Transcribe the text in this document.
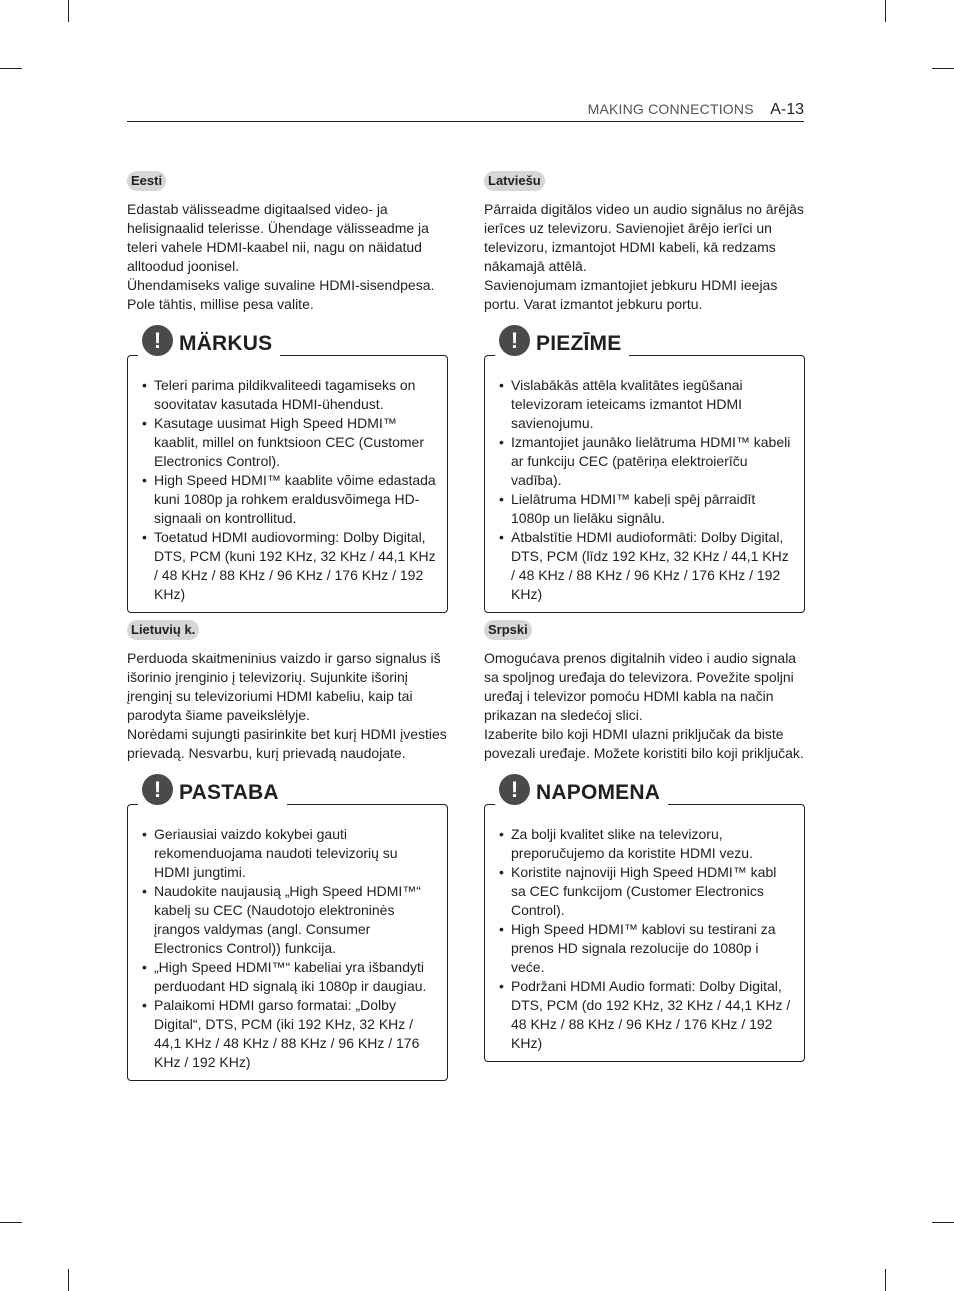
MAKING CONNECTIONS A-13
Eesti

Edastab välisseadme digitaalsed video- ja helisignaalid telerisse. Ühendage välisseadme ja teleri vahele HDMI-kaabel nii, nagu on näidatud alltoodud joonisel.

Ühendamiseks valige suvaline HDMI-sisendpesa. Pole tähtis, millise pesa valite.

! MÄRKUS
• Teleri parima pildikvaliteedi tagamiseks on soovitatav kasutada HDMI-ühendust.
• Kasutage uusimat High Speed HDMI™ kaablit, millel on funktsioon CEC (Customer Electronics Control).
• High Speed HDMI™ kaablite võime edastada kuni 1080p ja rohkem eraldusvõimega HD-signaali on kontrollitud.
• Toetatud HDMI audiovorming: Dolby Digital, DTS, PCM (kuni 192 KHz, 32 KHz / 44,1 KHz / 48 KHz / 88 KHz / 96 KHz / 176 KHz / 192 KHz)
Latviešu

Pārraida digitālos video un audio signālus no ārējās ierīces uz televizoru. Savienojiet ārējo ierīci un televizoru, izmantojot HDMI kabeli, kā redzams nākamajā attēlā.

Savienojumam izmantojiet jebkuru HDMI ieejas portu. Varat izmantot jebkuru portu.

! PIEZĪME
• Vislabākās attēla kvalitātes iegūšanai televizoram ieteicams izmantot HDMI savienojumu.
• Izmantojiet jaunāko lielātruma HDMI™ kabeli ar funkciju CEC (patēriņa elektroierīču vadība).
• Lielātruma HDMI™ kabeļi spēj pārraidīt 1080p un lielāku signālu.
• Atbalstītie HDMI audioformāti: Dolby Digital, DTS, PCM (līdz 192 KHz, 32 KHz / 44,1 KHz / 48 KHz / 88 KHz / 96 KHz / 176 KHz / 192 KHz)
Lietuvių k.

Perduoda skaitmeninius vaizdo ir garso signalus iš išorinio įrenginio į televizorių. Sujunkite išorinį įrenginį su televizoriumi HDMI kabeliu, kaip tai parodyta šiame paveikslėlyje.

Norėdami sujungti pasirinkite bet kurį HDMI įvesties prievadą. Nesvarbu, kurį prievadą naudojate.

! PASTABA
• Geriausiai vaizdo kokybei gauti rekomenduojama naudoti televizorių su HDMI jungtimi.
• Naudokite naujausią „High Speed HDMI™“ kabelį su CEC (Naudotojo elektroninės įrangos valdymas (angl. Consumer Electronics Control)) funkcija.
• „High Speed HDMI™“ kabeliai yra išbandyti perduodant HD signalą iki 1080p ir daugiau.
• Palaikomi HDMI garso formatai: „Dolby Digital“, DTS, PCM (iki 192 KHz, 32 KHz / 44,1 KHz / 48 KHz / 88 KHz / 96 KHz / 176 KHz / 192 KHz)
Srpski

Omogućava prenos digitalnih video i audio signala sa spoljnog uređaja do televizora. Povežite spoljni uređaj i televizor pomoću HDMI kabla na način prikazan na sledećoj slici.

Izaberite bilo koji HDMI ulazni priključak da biste povezali uređaje. Možete koristiti bilo koji priključak.

! NAPOMENA
• Za bolji kvalitet slike na televizoru, preporučujemo da koristite HDMI vezu.
• Koristite najnoviji High Speed HDMI™ kabl sa CEC funkcijom (Customer Electronics Control).
• High Speed HDMI™ kablovi su testirani za prenos HD signala rezolucije do 1080p i veće.
• Podržani HDMI Audio formati: Dolby Digital, DTS, PCM (do 192 KHz, 32 KHz / 44,1 KHz / 48 KHz / 88 KHz / 96 KHz / 176 KHz / 192 KHz)
